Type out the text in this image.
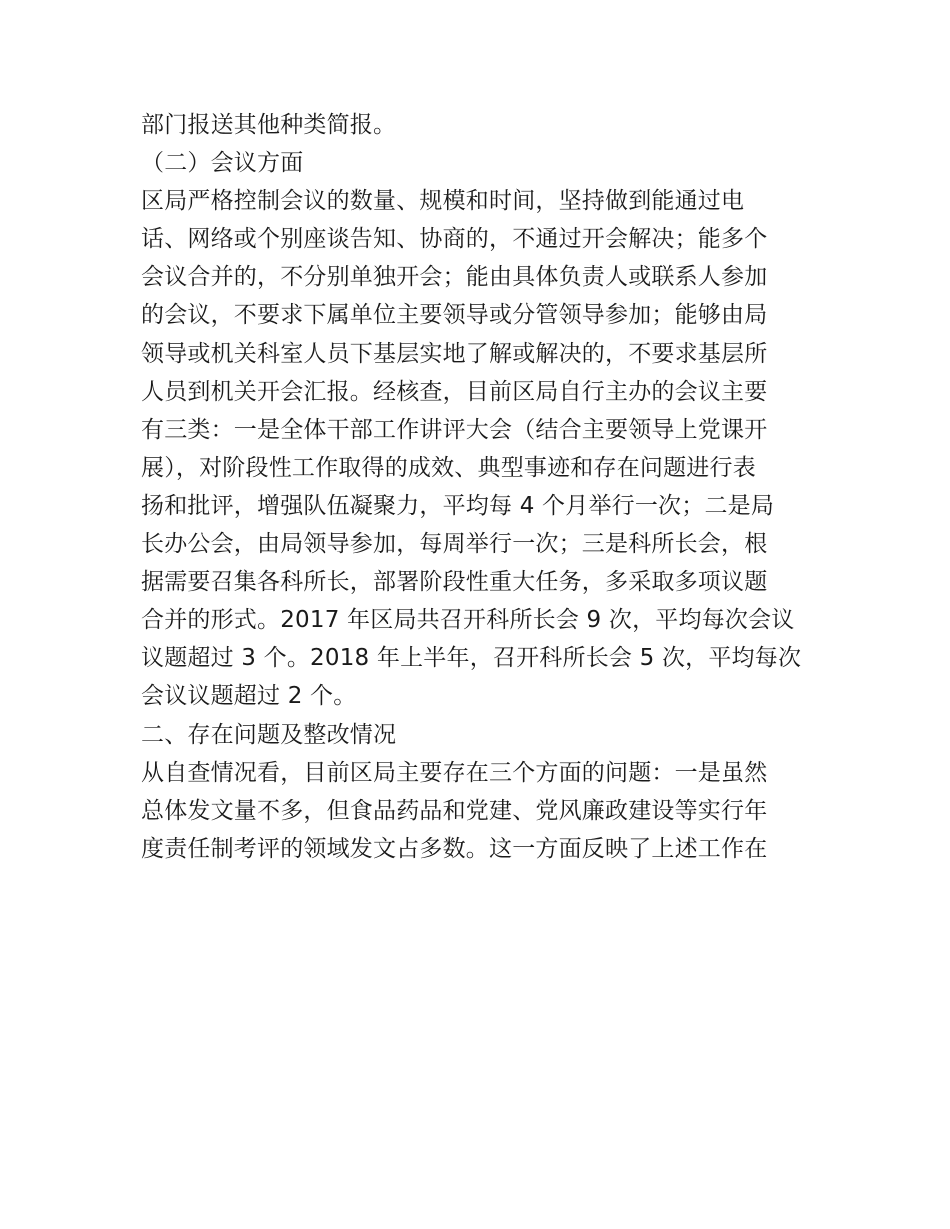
部门报送其他种类简报。
（二）会议方面
区局严格控制会议的数量、规模和时间，坚持做到能通过电
话、网络或个别座谈告知、协商的，不通过开会解决；能多个
会议合并的，不分别单独开会；能由具体负责人或联系人参加
的会议，不要求下属单位主要领导或分管领导参加；能够由局
领导或机关科室人员下基层实地了解或解决的，不要求基层所
人员到机关开会汇报。经核查，目前区局自行主办的会议主要
有三类：一是全体干部工作讲评大会（结合主要领导上党课开
展），对阶段性工作取得的成效、典型事迹和存在问题进行表
扬和批评，增强队伍凝聚力，平均每 4 个月举行一次；二是局
长办公会，由局领导参加，每周举行一次；三是科所长会，根
据需要召集各科所长，部署阶段性重大任务，多采取多项议题
合并的形式。2017 年区局共召开科所长会 9 次，平均每次会议
议题超过 3 个。2018 年上半年，召开科所长会 5 次，平均每次
会议议题超过 2 个。
二、存在问题及整改情况
从自查情况看，目前区局主要存在三个方面的问题：一是虽然
总体发文量不多，但食品药品和党建、党风廉政建设等实行年
度责任制考评的领域发文占多数。这一方面反映了上述工作在
